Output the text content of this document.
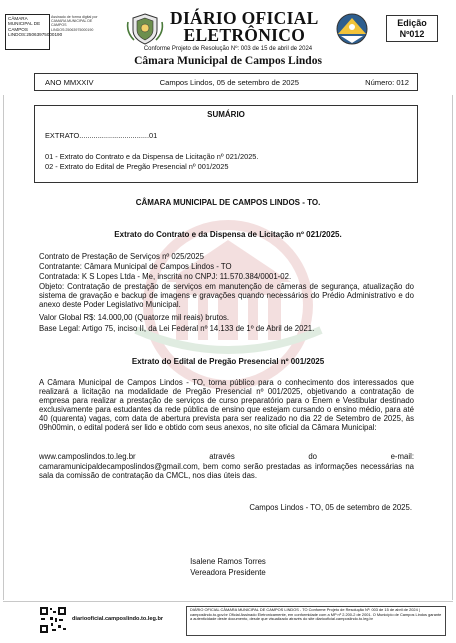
CÂMARA MUNICIPAL DE CAMPOS LINDOS:25063975000190
Assinado de forma digital por CAMARA MUNICIPAL DE CAMPOS LINDOS:25063975000190
DIÁRIO OFICIAL
ELETRÔNICO
Conforme Projeto de Resolução Nº: 003 de 15 de abril de 2024
Câmara Municipal de Campos Lindos
Edição
Nº012
ANO MMXXIV	Campos Lindos, 05 de setembro de 2025	Número: 012
SUMÁRIO
EXTRATO..................................01
01 - Extrato do Contrato e da Dispensa de Licitação nº 021/2025.
02 - Extrato do Edital de Pregão Presencial nº 001/2025
CÂMARA MUNICIPAL DE CAMPOS LINDOS - TO.
Extrato do Contrato e da Dispensa de Licitação nº 021/2025.
Contrato de Prestação de Serviços nº 025/2025
Contratante: Câmara Municipal de Campos Lindos - TO
Contratada: K S Lopes Ltda - Me, inscrita no CNPJ: 11.570.384/0001-02.
Objeto: Contratação de prestação de serviços em manutenção de câmeras de segurança, atualização do sistema de gravação e backup de imagens e gravações quando necessários do Prédio Administrativo e do anexo deste Poder Legislativo Municipal.
Valor Global R$: 14.000,00 (Quatorze mil reais) brutos.
Base Legal: Artigo 75, inciso II, da Lei Federal nº 14.133 de 1º de Abril de 2021.
Extrato do Edital de Pregão Presencial nº 001/2025
A Câmara Municipal de Campos Lindos - TO, torna público para o conhecimento dos interessados que realizará a licitação na modalidade de Pregão Presencial nº 001/2025, objetivando a contratação de empresa para realizar a prestação de serviços de curso preparatório para o Enem e Vestibular destinado exclusivamente para estudantes da rede pública de ensino que estejam cursando o ensino médio, para até 40 (quarenta) vagas, com data de abertura prevista para ser realizado no dia 22 de Setembro de 2025, às 09h00min, o edital poderá ser lido e obtido com seus anexos, no site oficial da Câmara Municipal:
www.camposlindos.to.leg.br	através	do	e-mail:
camaramunicipaldecamposlindos@gmail.com, bem como serão prestadas as informações necessárias na sala da comissão de contratação da CMCL, nos dias úteis das.
Campos Lindos - TO, 05 de setembro de 2025.
Isalene Ramos Torres
Vereadora Presidente
diariooficial.camposlindo.to.leg.br
DIÁRIO OFICIAL CÂMARA MUNICIPAL DE CAMPOS LINDOS - TO Conforme Projeto de Resolução Nº: 003 de 15 de abril de 2024 | camposlindo.to.gov.br Oficial Assinado Eletronicamente, em conformidade com a MP nº 2.200-2 de 2001. O Município de Campos Lindos garante a autenticidade deste documento, desde que visualizado através do site diariooficial.camposlindo.to.leg.br
